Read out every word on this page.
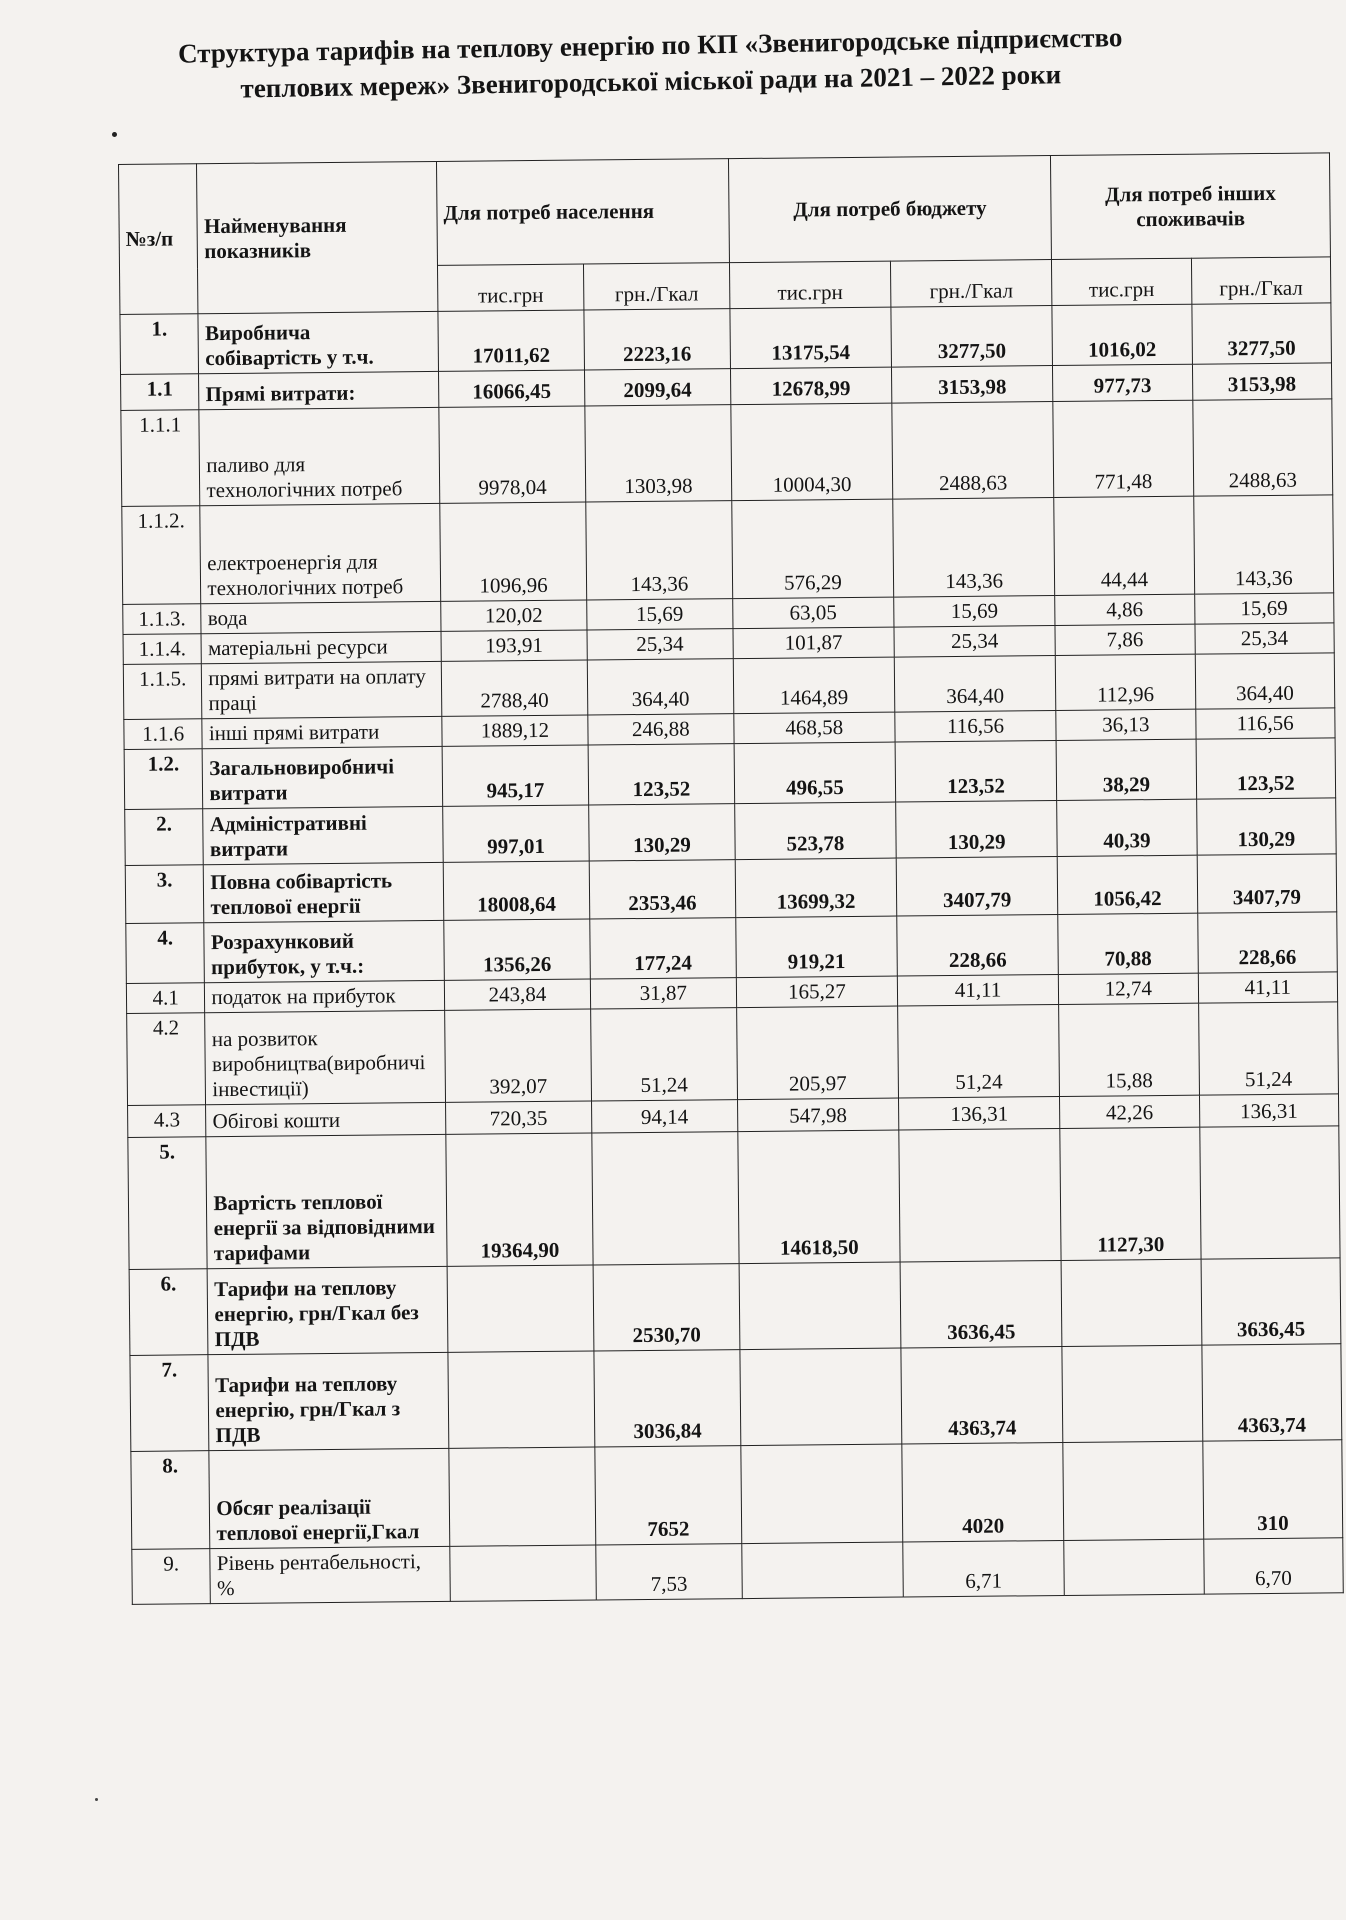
Структура тарифів на теплову енергію по КП «Звенигородське підприємство
теплових мереж» Звенигородської міської ради на 2021 – 2022 роки
№з/п	Найменування показників	Для потреб населення		Для потреб бюджету		Для потреб інших споживачів	
		тис.грн	грн./Гкал	тис.грн	грн./Гкал	тис.грн	грн./Гкал
1.	Виробнича собівартість у т.ч.	17011,62	2223,16	13175,54	3277,50	1016,02	3277,50
1.1	Прямі витрати:	16066,45	2099,64	12678,99	3153,98	977,73	3153,98
1.1.1	паливо для технологічних потреб	9978,04	1303,98	10004,30	2488,63	771,48	2488,63
1.1.2.	електроенергія для технологічних потреб	1096,96	143,36	576,29	143,36	44,44	143,36
1.1.3.	вода	120,02	15,69	63,05	15,69	4,86	15,69
1.1.4.	матеріальні ресурси	193,91	25,34	101,87	25,34	7,86	25,34
1.1.5.	прямі витрати на оплату праці	2788,40	364,40	1464,89	364,40	112,96	364,40
1.1.6	інші прямі витрати	1889,12	246,88	468,58	116,56	36,13	116,56
1.2.	Загальновиробничі витрати	945,17	123,52	496,55	123,52	38,29	123,52
2.	Адміністративні витрати	997,01	130,29	523,78	130,29	40,39	130,29
3.	Повна собівартість теплової енергії	18008,64	2353,46	13699,32	3407,79	1056,42	3407,79
4.	Розрахунковий прибуток, у т.ч.:	1356,26	177,24	919,21	228,66	70,88	228,66
4.1	податок на прибуток	243,84	31,87	165,27	41,11	12,74	41,11
4.2	на розвиток виробництва(виробничі інвестиції)	392,07	51,24	205,97	51,24	15,88	51,24
4.3	Обігові кошти	720,35	94,14	547,98	136,31	42,26	136,31
5.	Вартість теплової енергії за відповідними тарифами	19364,90		14618,50		1127,30	
6.	Тарифи на теплову енергію, грн/Гкал без ПДВ		2530,70		3636,45		3636,45
7.	Тарифи на теплову енергію, грн/Гкал з ПДВ		3036,84		4363,74		4363,74
8.	Обсяг реалізації теплової енергії,Гкал		7652		4020		310
9.	Рівень рентабельності, %		7,53		6,71		6,70
